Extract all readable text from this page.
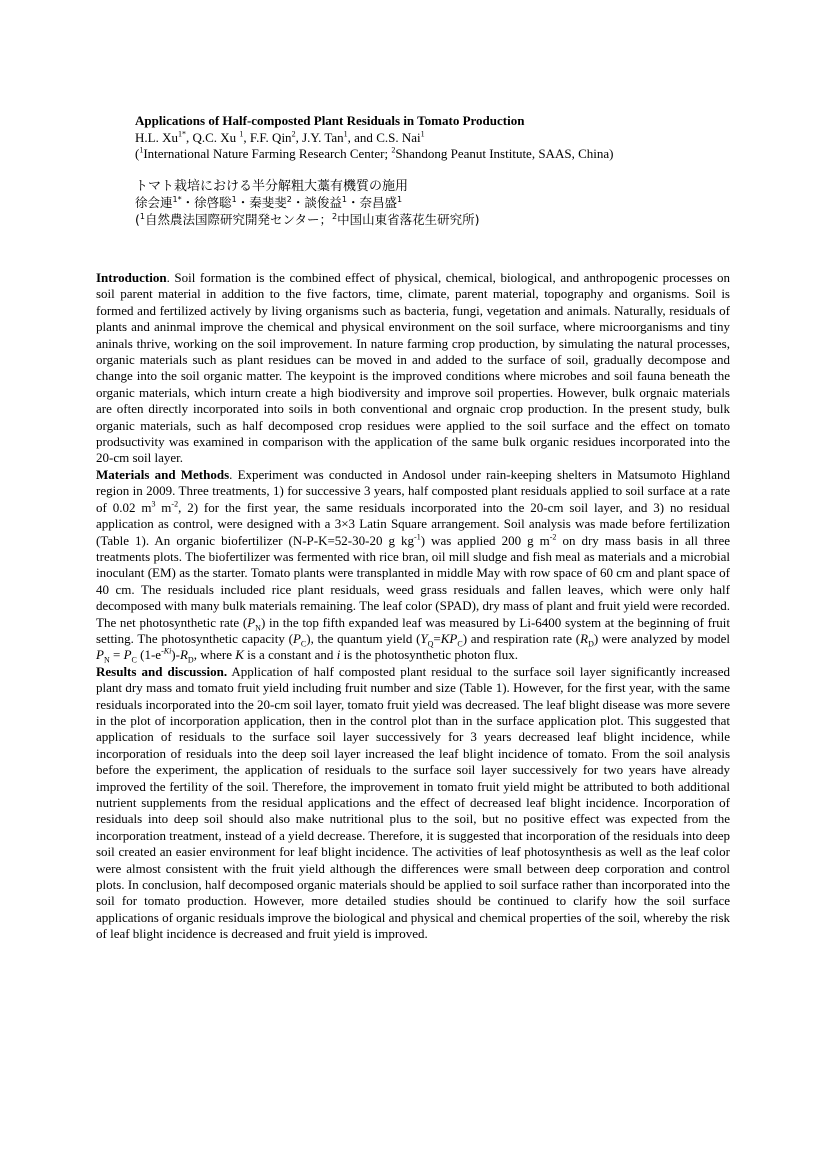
Applications of Half-composted Plant Residuals in Tomato Production
H.L. $Xu^{1*}$, Q.C. Xu $^1$, F.F. Qin$^2$, J.Y. Tan$^1$, and C.S. Nai$^1$
($^1$International Nature Farming Research Center; $^2$Shandong Peanut Institute, SAAS, China)
トマト栽培における半分解粗大藁有機質の施用
徐会連$^{1*}$・徐啓聡$^1$・秦斐斐$^2$・談俊益$^1$・奈昌盛$^1$
($^1$自然農法国際研究開発センター；$^2$中国山東省落花生研究所)

Introduction. Soil formation is the combined effect of physical, chemical, biological, and anthropogenic processes on soil parent material in addition to the five factors, time, climate, parent material, topography and organisms. Soil is formed and fertilized actively by living organisms such as bacteria, fungi, vegetation and animals. Naturally, residuals of plants and aninmal improve the chemical and physical environment on the soil surface, where microorganisms and tiny aninals thrive, working on the soil improvement. In nature farming crop production, by simulating the natural processes, organic materials such as plant residues can be moved in and added to the surface of soil, gradually decompose and change into the soil organic matter. The keypoint is the improved conditions where microbes and soil fauna beneath the organic materials, which inturn create a high biodiversity and improve soil properties. However, bulk orgnaic materials are often directly incorporated into soils in both conventional and orgnaic crop production. In the present study, bulk organic materials, such as half decomposed crop residues were applied to the soil surface and the effect on tomato prodsuctivity was examined in comparison with the application of the same bulk organic residues incorporated into the 20-cm soil layer.

Materials and Methods. Experiment was conducted in Andosol under rain-keeping shelters in Matsumoto Highland region in 2009. Three treatments, 1) for successive 3 years, half composted plant residuals applied to soil surface at a rate of 0.02 $m^3$ $m^{-2}$, 2) for the first year, the same residuals incorporated into the 20-cm soil layer, and 3) no residual application as control, were designed with a 3×3 Latin Square arrangement. Soil analysis was made before fertilization (Table 1). An organic biofertilizer (N-P-K=52-30-20 g $kg^{-1}$) was applied 200 g $m^{-2}$ on dry mass basis in all three treatments plots. The biofertilizer was fermented with rice bran, oil mill sludge and fish meal as materials and a microbial inoculant (EM) as the starter. Tomato plants were transplanted in middle May with row space of 60 cm and plant space of 40 cm. The residuals included rice plant residuals, weed grass residuals and fallen leaves, which were only half decomposed with many bulk materials remaining. The leaf color (SPAD), dry mass of plant and fruit yield were recorded. The net photosynthetic rate $(P_N)$ in the top fifth expanded leaf was measured by Li-6400 system at the beginning of fruit setting. The photosynthetic capacity $(P_C)$, the quantum yield $(Y_Q=KP_C)$ and respiration rate $(R_D)$ were analyzed by model $P_N = P_C$ $(1-e^{-Ki})-R_D$, where K is a constant and i is the photosynthetic photon flux.

Results and discussion. Application of half composted plant residual to the surface soil layer significantly increased plant dry mass and tomato fruit yield including fruit number and size (Table 1). However, for the first year, with the same residuals incorporated into the 20-cm soil layer, tomato fruit yield was decreased. The leaf blight disease was more severe in the plot of incorporation application, then in the control plot than in the surface application plot. This suggested that application of residuals to the surface soil layer successively for 3 years decreased leaf blight incidence, while incorporation of residuals into the deep soil layer increased the leaf blight incidence of tomato. From the soil analysis before the experiment, the application of residuals to the surface soil layer successively for two years have already improved the fertility of the soil. Therefore, the improvement in tomato fruit yield might be attributed to both additional nutrient supplements from the residual applications and the effect of decreased leaf blight incidence. Incorporation of residuals into deep soil should also make nutritional plus to the soil, but no positive effect was expected from the incorporation treatment, instead of a yield decrease. Therefore, it is suggested that incorporation of the residuals into deep soil created an easier environment for leaf blight incidence. The activities of leaf photosynthesis as well as the leaf color were almost consistent with the fruit yield although the differences were small between deep corporation and control plots. In conclusion, half decomposed organic materials should be applied to soil surface rather than incorporated into the soil for tomato production. However, more detailed studies should be continued to clarify how the soil surface applications of organic residuals improve the biological and physical and chemical properties of the soil, whereby the risk of leaf blight incidence is decreased and fruit yield is improved.
